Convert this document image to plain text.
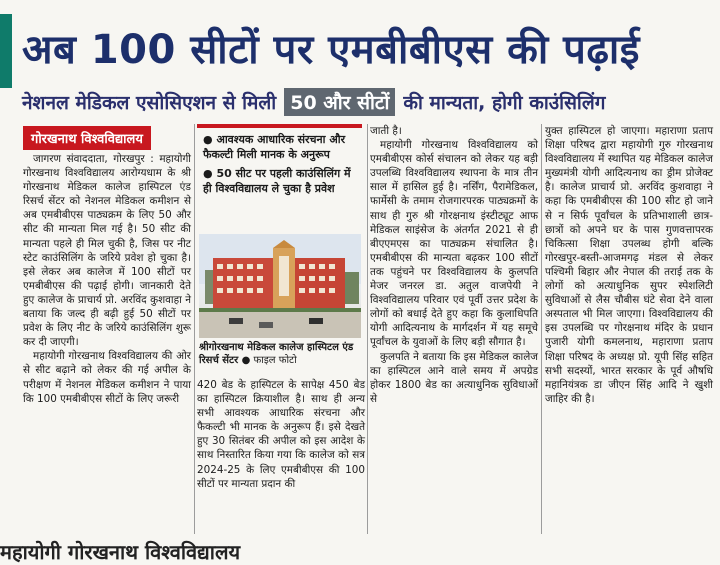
अब 100 सीटों पर एमबीबीएस की पढ़ाई
नेशनल मेडिकल एसोसिएशन से मिली 50 और सीटों की मान्यता, होगी काउंसिलिंग
गोरखनाथ विश्वविद्यालय

जागरण संवाददाता, गोरखपुर : महायोगी गोरखनाथ विश्वविद्यालय आरोग्यधाम के श्री गोरखनाथ मेडिकल कालेज हास्पिटल एंड रिसर्च सेंटर को नेशनल मेडिकल कमीशन से अब एमबीबीएस पाठ्यक्रम के लिए 50 और सीट की मान्यता मिल गई है। 50 सीट की मान्यता पहले ही मिल चुकी है, जिस पर नीट स्टेट काउंसिलिंग के जरिये प्रवेश हो चुका है। इसे लेकर अब कालेज में 100 सीटों पर एमबीबीएस की पढ़ाई होगी। जानकारी देते हुए कालेज के प्राचार्य प्रो. अरविंद कुशवाहा ने बताया कि जल्द ही बढ़ी हुई 50 सीटों पर प्रवेश के लिए नीट के जरिये काउंसिलिंग शुरू कर दी जाएगी।

महायोगी गोरखनाथ विश्वविद्यालय की ओर से सीट बढ़ाने को लेकर की गई अपील के परीक्षण में नेशनल मेडिकल कमीशन ने पाया कि 100 एमबीबीएस सीटों के लिए जरूरी

● आवश्यक आधारिक संरचना और फैकल्टी मिली मानक के अनुरूप
● 50 सीट पर पहली काउंसिलिंग में ही विश्वविद्यालय ले चुका है प्रवेश
श्रीगोरखनाथ मेडिकल कालेज हास्पिटल एंड रिसर्च सेंटर ● फाइल फोटो

420 बेड के हास्पिटल के सापेक्ष 450 बेड का हास्पिटल क्रियाशील है। साथ ही अन्य सभी आवश्यक आधारिक संरचना और फैकल्टी भी मानक के अनुरूप हैं। इसे देखते हुए 30 सितंबर की अपील को इस आदेश के साथ निस्तारित किया गया कि कालेज को सत्र 2024-25 के लिए एमबीबीएस की 100 सीटों पर मान्यता प्रदान की

जाती है।

महायोगी गोरखनाथ विश्वविद्यालय को एमबीबीएस कोर्स संचालन को लेकर यह बड़ी उपलब्धि विश्वविद्यालय स्थापना के मात्र तीन साल में हासिल हुई है। नर्सिंग, पैरामेडिकल, फार्मेसी के तमाम रोजगारपरक पाठ्यक्रमों के साथ ही गुरु श्री गोरक्षनाथ इंस्टीट्यूट आफ मेडिकल साइंसेज के अंतर्गत 2021 से ही बीएएमएस का पाठ्यक्रम संचालित है। एमबीबीएस की मान्यता बढ़कर 100 सीटों तक पहुंचने पर विश्वविद्यालय के कुलपति मेजर जनरल डा. अतुल वाजपेयी ने विश्वविद्यालय परिवार एवं पूर्वी उत्तर प्रदेश के लोगों को बधाई देते हुए कहा कि कुलाधिपति योगी आदित्यनाथ के मार्गदर्शन में यह समूचे पूर्वांचल के युवाओं के लिए बड़ी सौगात है।

कुलपति ने बताया कि इस मेडिकल कालेज का हास्पिटल आने वाले समय में अपग्रेड होकर 1800 बेड का अत्याधुनिक सुविधाओं से

युक्त हास्पिटल हो जाएगा। महाराणा प्रताप शिक्षा परिषद द्वारा महायोगी गुरु गोरखनाथ विश्वविद्यालय में स्थापित यह मेडिकल कालेज मुख्यमंत्री योगी आदित्यनाथ का ड्रीम प्रोजेक्ट है। कालेज प्राचार्य प्रो. अरविंद कुशवाहा ने कहा कि एमबीबीएस की 100 सीट हो जाने से न सिर्फ पूर्वांचल के प्रतिभाशाली छात्र-छात्रों को अपने घर के पास गुणवत्तापरक चिकित्सा शिक्षा उपलब्ध होगी बल्कि गोरखपुर-बस्ती-आजमगढ़ मंडल से लेकर पश्चिमी बिहार और नेपाल की तराई तक के लोगों को अत्याधुनिक सुपर स्पेशलिटी सुविधाओं से लैस चौबीस घंटे सेवा देने वाला अस्पताल भी मिल जाएगा। विश्वविद्यालय की इस उपलब्धि पर गोरक्षनाथ मंदिर के प्रधान पुजारी योगी कमलनाथ, महाराणा प्रताप शिक्षा परिषद के अध्यक्ष प्रो. यूपी सिंह सहित सभी सदस्यों, भारत सरकार के पूर्व औषधि महानियंत्रक डा जीएन सिंह आदि ने खुशी जाहिर की है।

महायोगी गोरखनाथ विश्वविद्यालय
